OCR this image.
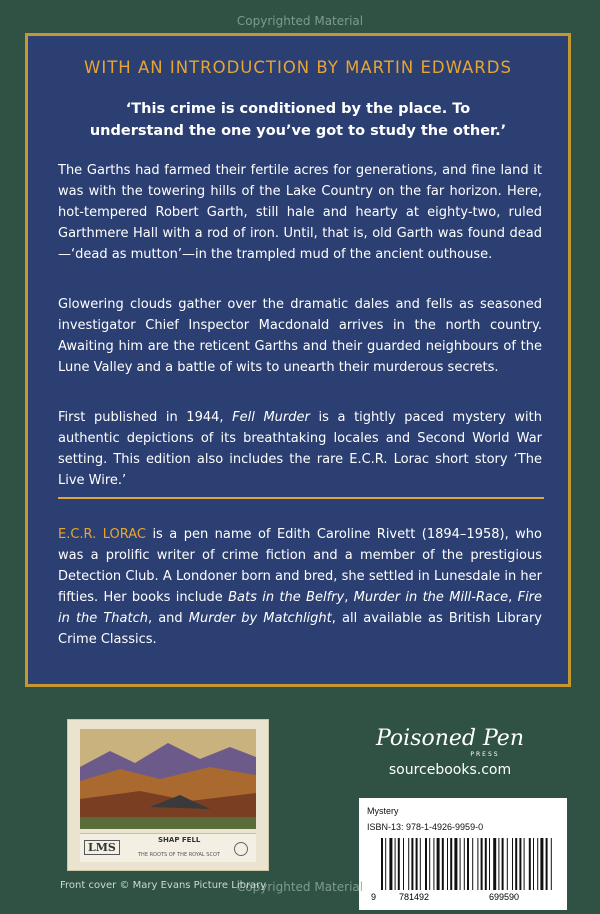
Copyrighted Material
WITH AN INTRODUCTION BY MARTIN EDWARDS
‘This crime is conditioned by the place. To
understand the one you’ve got to study the other.’
The Garths had farmed their fertile acres for generations, and fine land it was with the towering hills of the Lake Country on the far horizon. Here, hot-tempered Robert Garth, still hale and hearty at eighty-two, ruled Garthmere Hall with a rod of iron. Until, that is, old Garth was found dead—‘dead as mutton’—in the trampled mud of the ancient outhouse.
Glowering clouds gather over the dramatic dales and fells as seasoned investigator Chief Inspector Macdonald arrives in the north country. Awaiting him are the reticent Garths and their guarded neighbours of the Lune Valley and a battle of wits to unearth their murderous secrets.
First published in 1944, Fell Murder is a tightly paced mystery with authentic depictions of its breathtaking locales and Second World War setting. This edition also includes the rare E.C.R. Lorac short story ‘The Live Wire.’
E.C.R. LORAC is a pen name of Edith Caroline Rivett (1894–1958), who was a prolific writer of crime fiction and a member of the prestigious Detection Club. A Londoner born and bred, she settled in Lunesdale in her fifties. Her books include Bats in the Belfry, Murder in the Mill-Race, Fire in the Thatch, and Murder by Matchlight, all available as British Library Crime Classics.
LMS
SHAP FELL
THE ROOTS OF THE ROYAL SCOT
Poisoned Pen
PRESS
sourcebooks.com
Mystery
ISBN-13: 978-1-4926-9959-0
9	781492	699590
Copyrighted Material
Front cover © Mary Evans Picture Library
